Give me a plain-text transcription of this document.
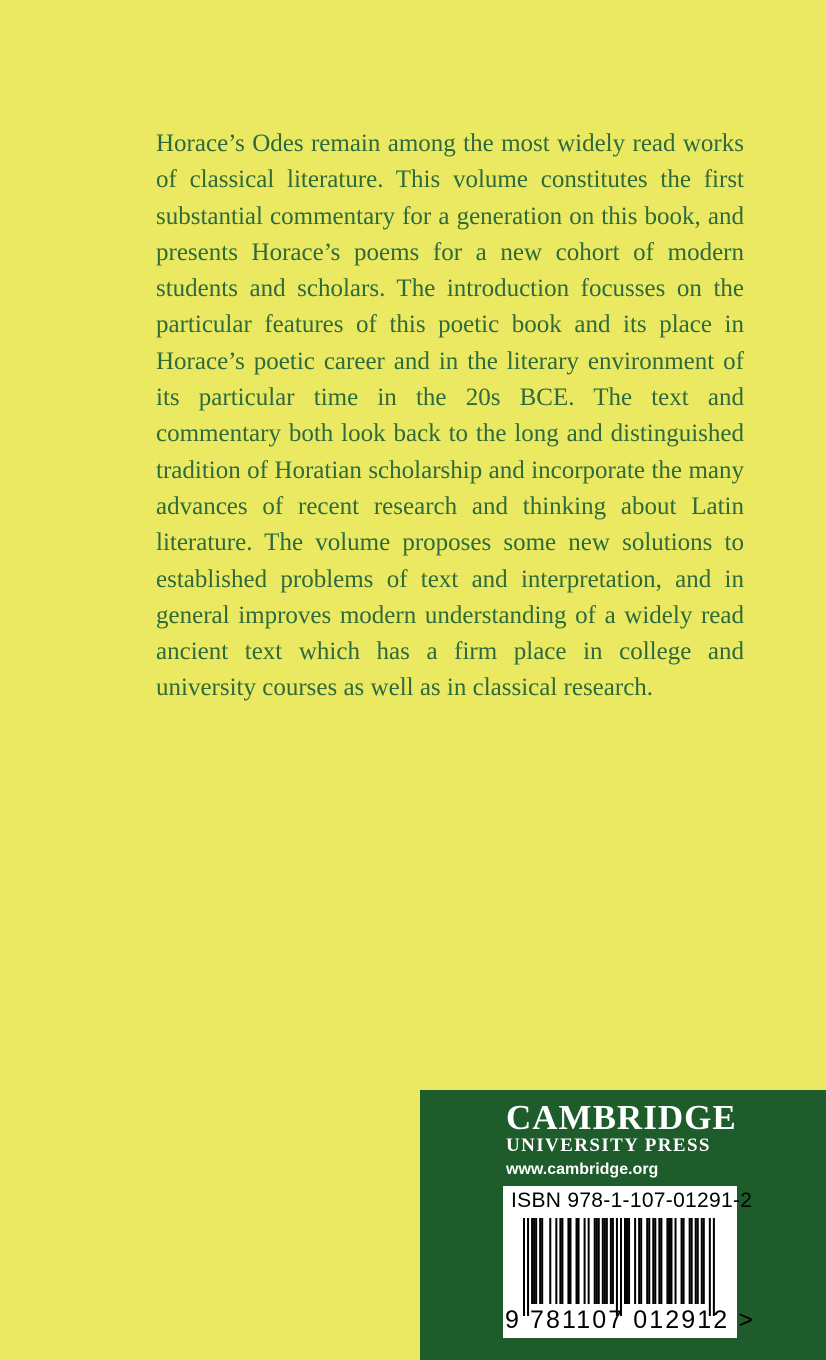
Horace’s Odes remain among the most widely read works of classical literature. This volume constitutes the first substantial commentary for a generation on this book, and presents Horace’s poems for a new cohort of modern students and scholars. The introduction focusses on the particular features of this poetic book and its place in Horace’s poetic career and in the literary environment of its particular time in the 20s BCE. The text and commentary both look back to the long and distinguished tradition of Horatian scholarship and incorporate the many advances of recent research and thinking about Latin literature. The volume proposes some new solutions to established problems of text and interpretation, and in general improves modern understanding of a widely read ancient text which has a firm place in college and university courses as well as in classical research.

CAMBRIDGE
UNIVERSITY PRESS
www.cambridge.org
ISBN 978-1-107-01291-2
9 781107 012912 >
